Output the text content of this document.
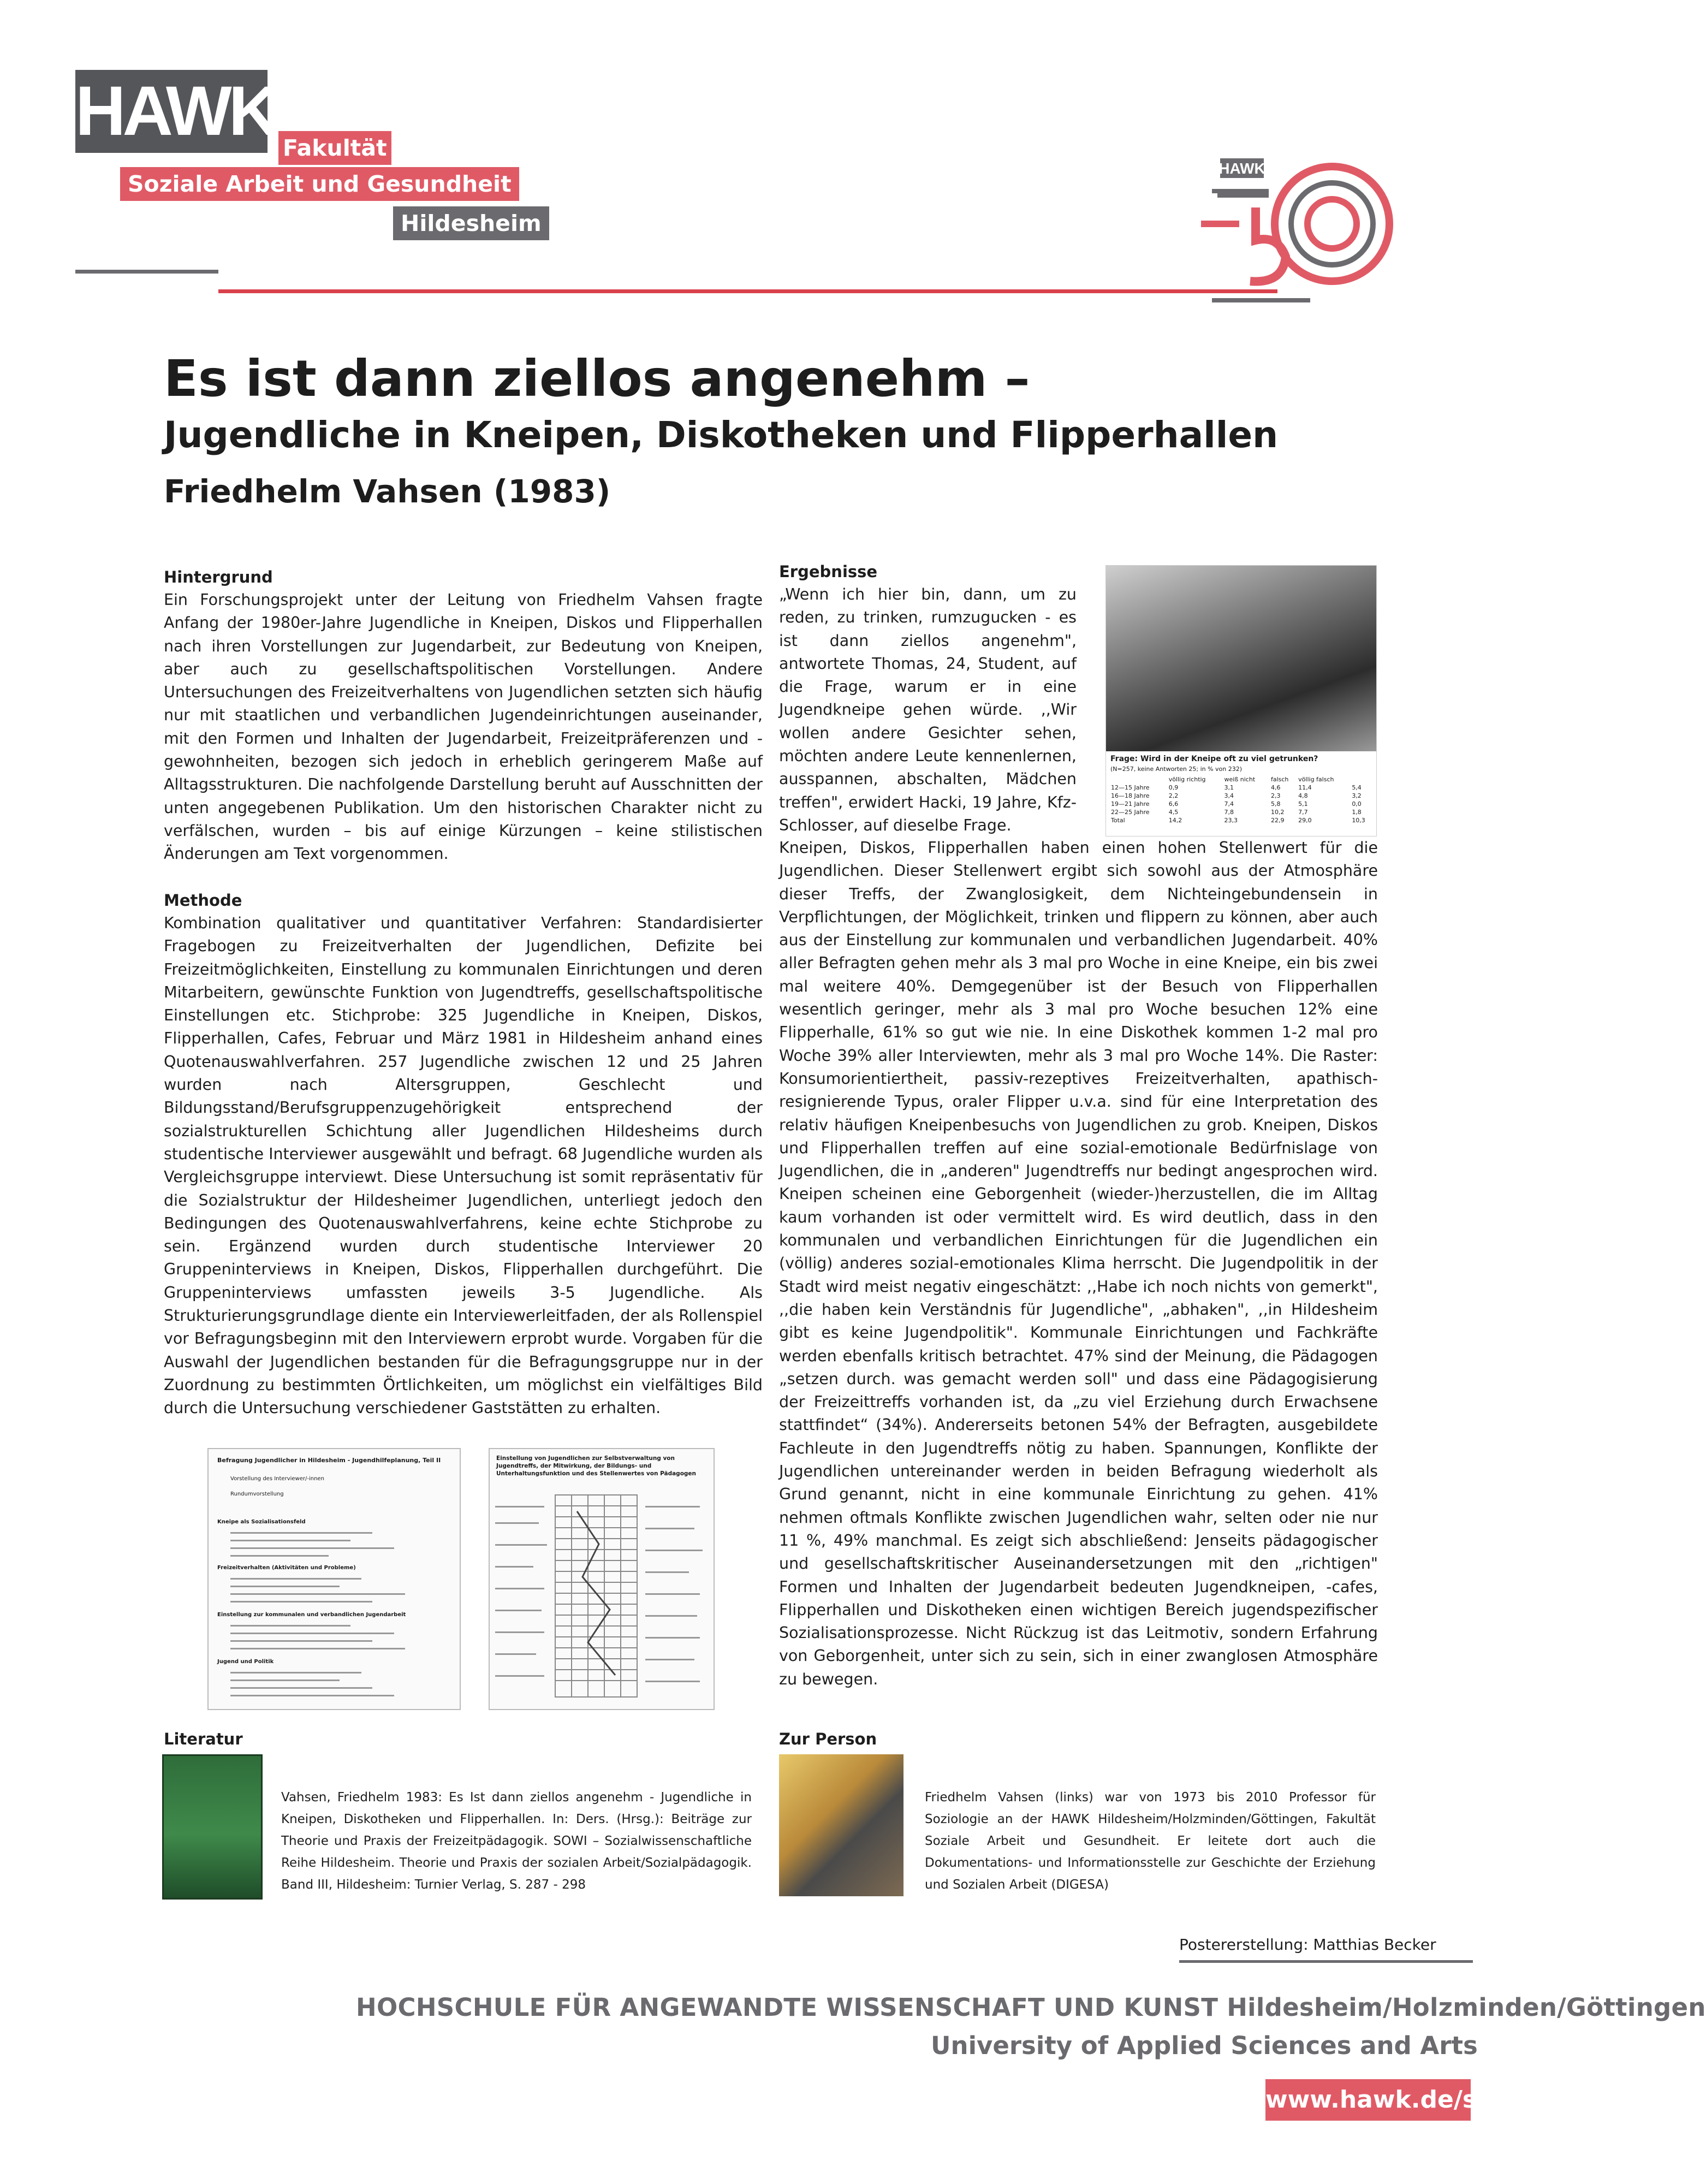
HAWK Fakultät
Soziale Arbeit und Gesundheit
Hildesheim
HAWK
Es ist dann ziellos angenehm –
Jugendliche in Kneipen, Diskotheken und Flipperhallen
Friedhelm Vahsen (1983)
Hintergrund

Ein Forschungsprojekt unter der Leitung von Friedhelm Vahsen fragte Anfang der 1980er-Jahre Jugendliche in Kneipen, Diskos und Flipperhallen nach ihren Vorstellungen zur Jugendarbeit, zur Bedeutung von Kneipen, aber auch zu gesellschaftspolitischen Vorstellungen. Andere Untersuchungen des Freizeitverhaltens von Jugendlichen setzten sich häufig nur mit staatlichen und verbandlichen Jugendeinrichtungen auseinander, mit den Formen und Inhalten der Jugendarbeit, Freizeitpräferenzen und -gewohnheiten, bezogen sich jedoch in erheblich geringerem Maße auf Alltagsstrukturen. Die nachfolgende Darstellung beruht auf Ausschnitten der unten angegebenen Publikation. Um den historischen Charakter nicht zu verfälschen, wurden – bis auf einige Kürzungen – keine stilistischen Änderungen am Text vorgenommen.

Methode

Kombination qualitativer und quantitativer Verfahren: Standardisierter Fragebogen zu Freizeitverhalten der Jugendlichen, Defizite bei Freizeitmöglichkeiten, Einstellung zu kommunalen Einrichtungen und deren Mitarbeitern, gewünschte Funktion von Jugendtreffs, gesellschaftspolitische Einstellungen etc. Stichprobe: 325 Jugendliche in Kneipen, Diskos, Flipperhallen, Cafes, Februar und März 1981 in Hildesheim anhand eines Quotenauswahlverfahren. 257 Jugendliche zwischen 12 und 25 Jahren wurden nach Altersgruppen, Geschlecht und Bildungsstand/Berufsgruppenzugehörigkeit entsprechend der sozialstrukturellen Schichtung aller Jugendlichen Hildesheims durch studentische Interviewer ausgewählt und befragt. 68 Jugendliche wurden als Vergleichsgruppe interviewt. Diese Untersuchung ist somit repräsentativ für die Sozialstruktur der Hildesheimer Jugendlichen, unterliegt jedoch den Bedingungen des Quotenauswahlverfahrens, keine echte Stichprobe zu sein. Ergänzend wurden durch studentische Interviewer 20 Gruppeninterviews in Kneipen, Diskos, Flipperhallen durchgeführt. Die Gruppeninterviews umfassten jeweils 3-5 Jugendliche. Als Strukturierungsgrundlage diente ein Interviewerleitfaden, der als Rollenspiel vor Befragungsbeginn mit den Interviewern erprobt wurde. Vorgaben für die Auswahl der Jugendlichen bestanden für die Befragungsgruppe nur in der Zuordnung zu bestimmten Örtlichkeiten, um möglichst ein vielfältiges Bild durch die Untersuchung verschiedener Gaststätten zu erhalten.

Befragung Jugendlicher in Hildesheim - Jugendhilfeplanung, Teil II
Vorstellung des Interviewer/-innen
Rundumvorstellung
Kneipe als Sozialisationsfeld
Freizeitverhalten (Aktivitäten und Probleme)
Einstellung zur kommunalen und verbandlichen Jugendarbeit
Jugend und Politik
Einstellung von Jugendlichen zur Selbstverwaltung von Jugendtreffs, der Mitwirkung, der Bildungs- und Unterhaltungsfunktion und des Stellenwertes von Pädagogen
Ergebnisse

„Wenn ich hier bin, dann, um zu reden, zu trinken, rumzugucken - es ist dann ziellos angenehm", antwortete Thomas, 24, Student, auf die Frage, warum er in eine Jugendkneipe gehen würde. ,,Wir wollen andere Gesichter sehen, möchten andere Leute kennenlernen, ausspannen, abschalten, Mädchen treffen", erwidert Hacki, 19 Jahre, Kfz-Schlosser, auf dieselbe Frage.

Frage: Wird in der Kneipe oft zu viel getrunken?
(N=257, keine Antworten 25; in % von 232)
	völlig richtig	weiß nicht	falsch	völlig falsch	
12—15 Jahre	0,9	3,1	4,6	11,4	5,4
16—18 Jahre	2,2	3,4	2,3	4,8	3,2
19—21 Jahre	6,6	7,4	5,8	5,1	0,0
22—25 Jahre	4,5	7,8	10,2	7,7	1,8
Total	14,2	23,3	22,9	29,0	10,3

Kneipen, Diskos, Flipperhallen haben einen hohen Stellenwert für die Jugendlichen. Dieser Stellenwert ergibt sich sowohl aus der Atmosphäre dieser Treffs, der Zwanglosigkeit, dem Nichteingebundensein in Verpflichtungen, der Möglichkeit, trinken und flippern zu können, aber auch aus der Einstellung zur kommunalen und verbandlichen Jugendarbeit. 40% aller Befragten gehen mehr als 3 mal pro Woche in eine Kneipe, ein bis zwei mal weitere 40%. Demgegenüber ist der Besuch von Flipperhallen wesentlich geringer, mehr als 3 mal pro Woche besuchen 12% eine Flipperhalle, 61% so gut wie nie. In eine Diskothek kommen 1-2 mal pro Woche 39% aller Interviewten, mehr als 3 mal pro Woche 14%. Die Raster: Konsumorientiertheit, passiv-rezeptives Freizeitverhalten, apathisch-resignierende Typus, oraler Flipper u.v.a. sind für eine Interpretation des relativ häufigen Kneipenbesuchs von Jugendlichen zu grob. Kneipen, Diskos und Flipperhallen treffen auf eine sozial-emotionale Bedürfnislage von Jugendlichen, die in „anderen" Jugendtreffs nur bedingt angesprochen wird. Kneipen scheinen eine Geborgenheit (wieder-)herzustellen, die im Alltag kaum vorhanden ist oder vermittelt wird. Es wird deutlich, dass in den kommunalen und verbandlichen Einrichtungen für die Jugendlichen ein (völlig) anderes sozial-emotionales Klima herrscht. Die Jugendpolitik in der Stadt wird meist negativ eingeschätzt: ,,Habe ich noch nichts von gemerkt", ,,die haben kein Verständnis für Jugendliche", „abhaken", ,,in Hildesheim gibt es keine Jugendpolitik". Kommunale Einrichtungen und Fachkräfte werden ebenfalls kritisch betrachtet. 47% sind der Meinung, die Pädagogen „setzen durch. was gemacht werden soll" und dass eine Pädagogisierung der Freizeittreffs vorhanden ist, da „zu viel Erziehung durch Erwachsene stattfindet“ (34%). Andererseits betonen 54% der Befragten, ausgebildete Fachleute in den Jugendtreffs nötig zu haben. Spannungen, Konflikte der Jugendlichen untereinander werden in beiden Befragung wiederholt als Grund genannt, nicht in eine kommunale Einrichtung zu gehen. 41% nehmen oftmals Konflikte zwischen Jugendlichen wahr, selten oder nie nur 11 %, 49% manchmal. Es zeigt sich abschließend: Jenseits pädagogischer und gesellschaftskritischer Auseinandersetzungen mit den „richtigen" Formen und Inhalten der Jugendarbeit bedeuten Jugendkneipen, -cafes, Flipperhallen und Diskotheken einen wichtigen Bereich jugendspezifischer Sozialisationsprozesse. Nicht Rückzug ist das Leitmotiv, sondern Erfahrung von Geborgenheit, unter sich zu sein, sich in einer zwanglosen Atmosphäre zu bewegen.

Literatur
Vahsen, Friedhelm 1983: Es Ist dann ziellos angenehm - Jugendliche in Kneipen, Diskotheken und Flipperhallen. In: Ders. (Hrsg.): Beiträge zur Theorie und Praxis der Freizeitpädagogik. SOWI – Sozialwissenschaftliche Reihe Hildesheim. Theorie und Praxis der sozialen Arbeit/Sozialpädagogik. Band III, Hildesheim: Turnier Verlag, S. 287 - 298
Zur Person
Friedhelm Vahsen (links) war von 1973 bis 2010 Professor für Soziologie an der HAWK Hildesheim/Holzminden/Göttingen, Fakultät Soziale Arbeit und Gesundheit. Er leitete dort auch die Dokumentations- und Informationsstelle zur Geschichte der Erziehung und Sozialen Arbeit (DIGESA)
Postererstellung: Matthias Becker
HOCHSCHULE FÜR ANGEWANDTE WISSENSCHAFT UND KUNST Hildesheim/Holzminden/Göttingen
University of Applied Sciences and Arts
www.hawk.de/s
